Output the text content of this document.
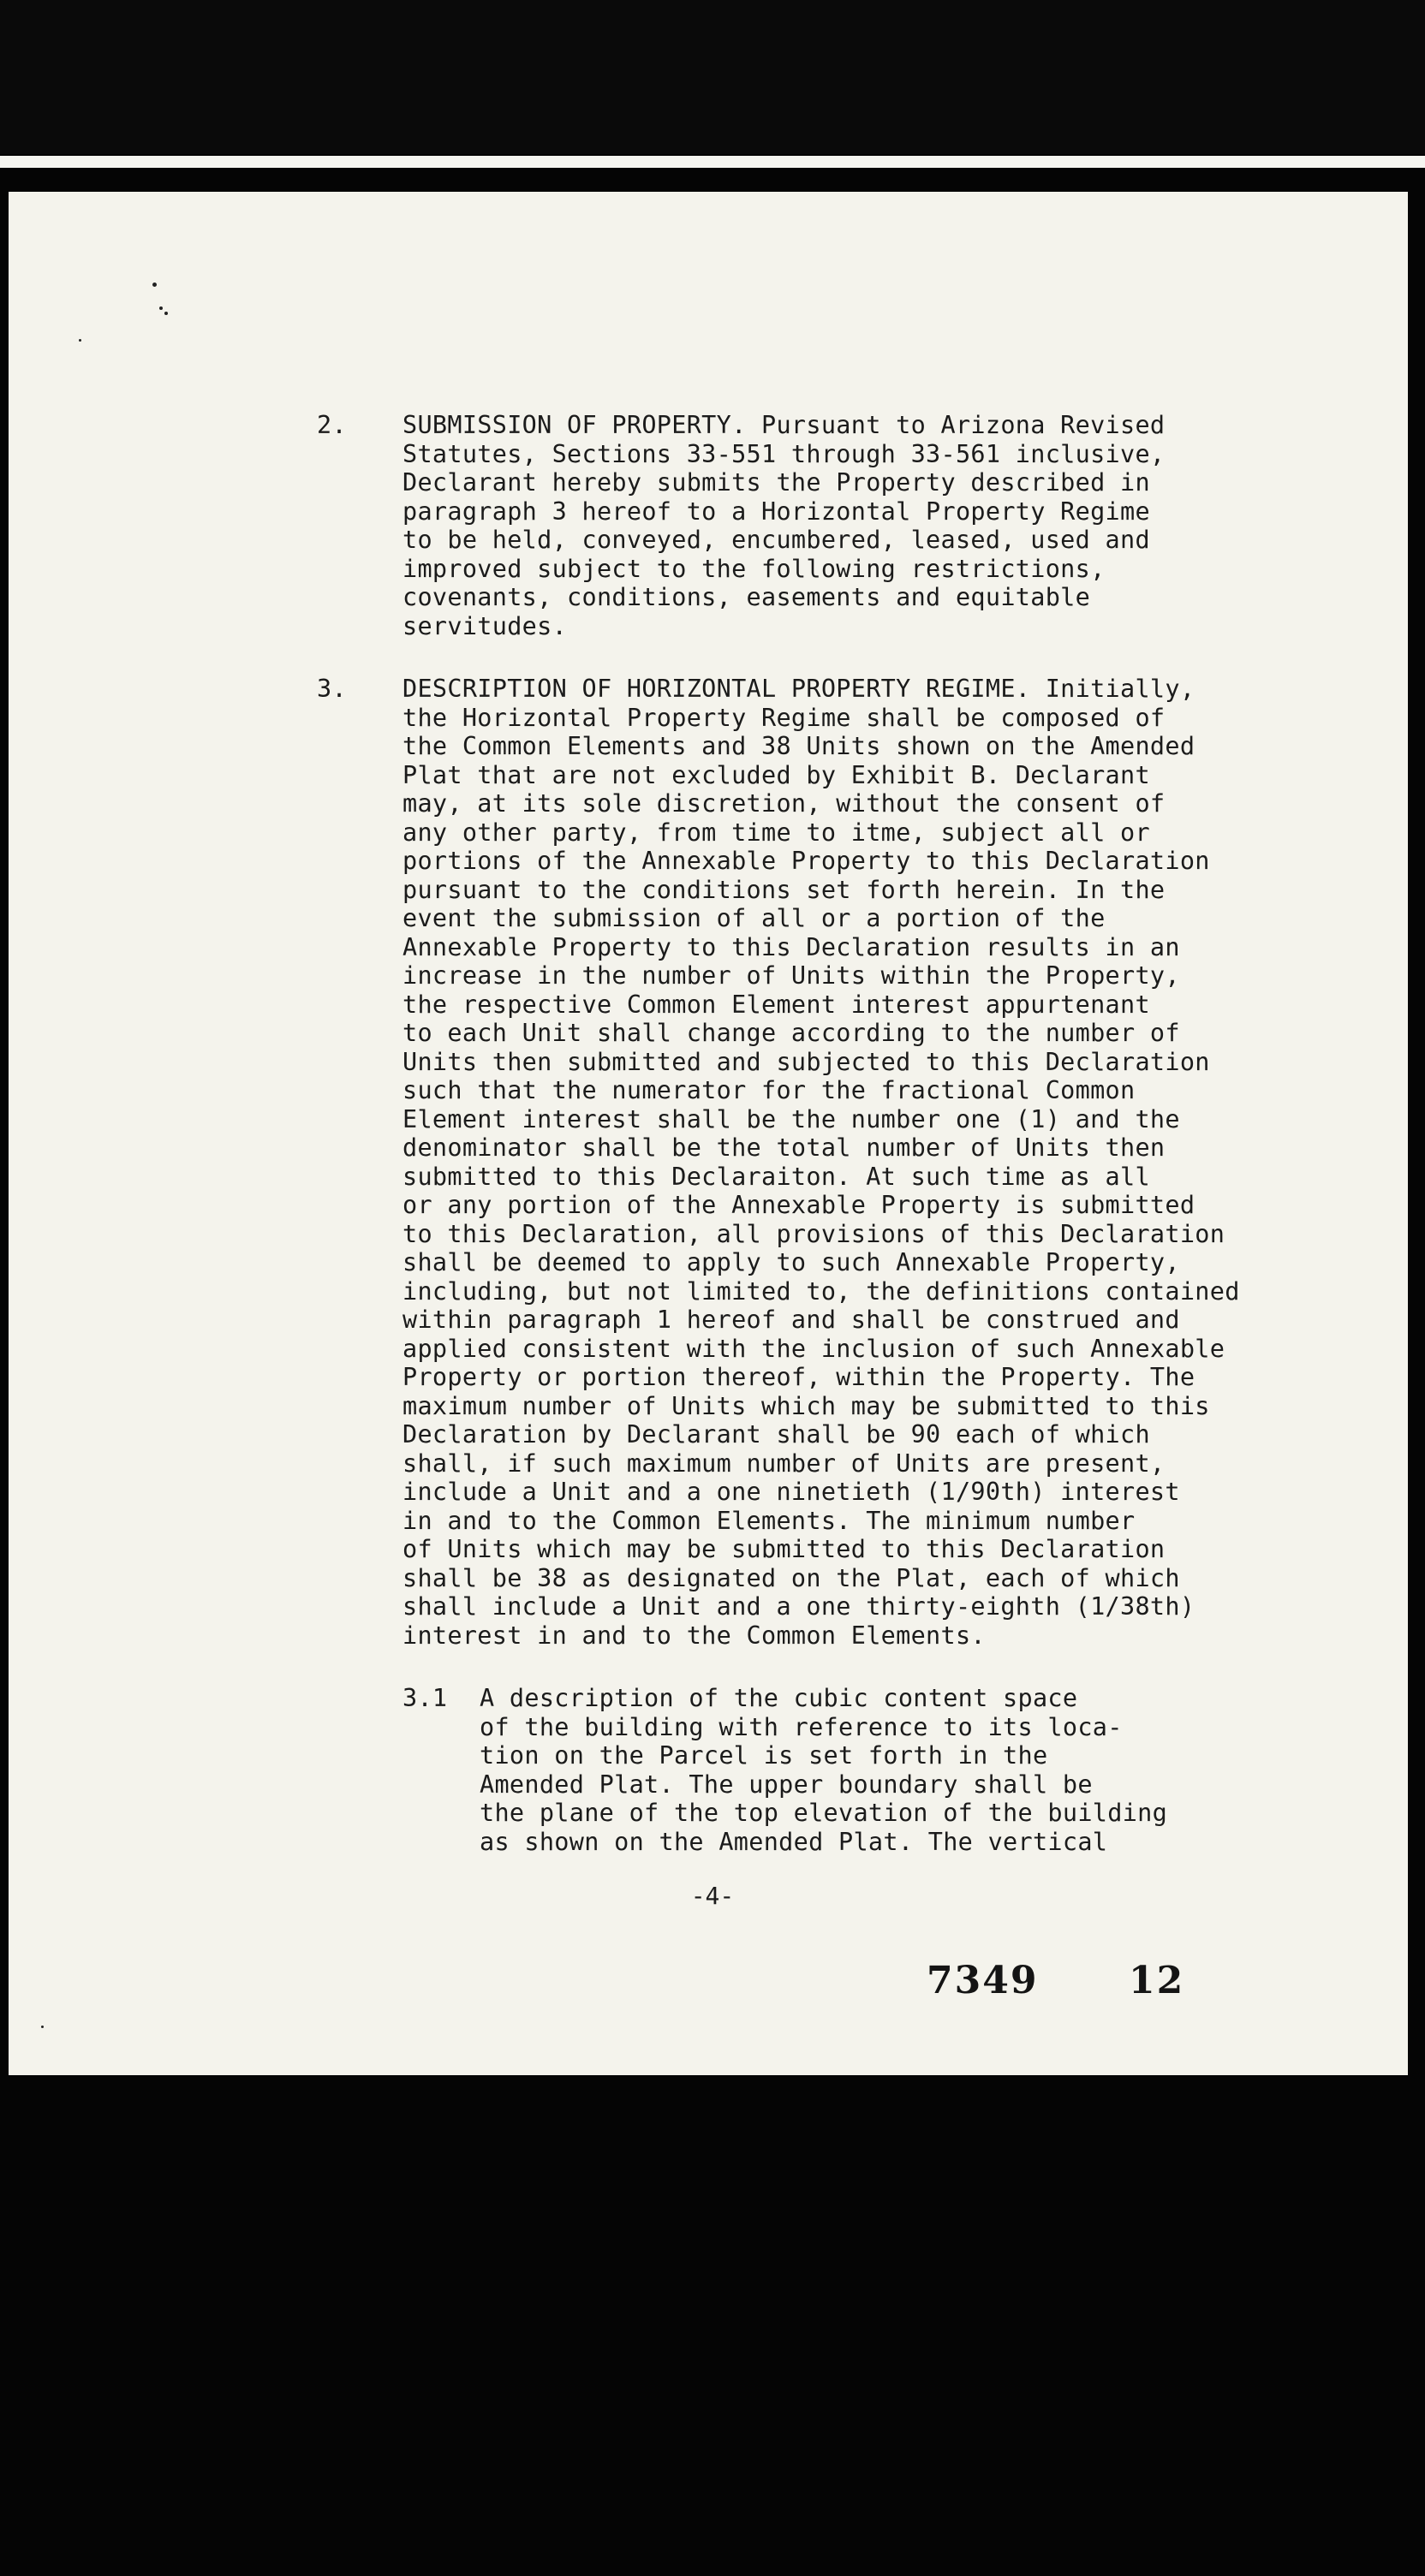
2.	SUBMISSION OF PROPERTY. Pursuant to Arizona Revised
Statutes, Sections 33-551 through 33-561 inclusive,
Declarant hereby submits the Property described in
paragraph 3 hereof to a Horizontal Property Regime
to be held, conveyed, encumbered, leased, used and
improved subject to the following restrictions,
covenants, conditions, easements and equitable
servitudes.
3.	DESCRIPTION OF HORIZONTAL PROPERTY REGIME. Initially,
the Horizontal Property Regime shall be composed of
the Common Elements and 38 Units shown on the Amended
Plat that are not excluded by Exhibit B. Declarant
may, at its sole discretion, without the consent of
any other party, from time to itme, subject all or
portions of the Annexable Property to this Declaration
pursuant to the conditions set forth herein. In the
event the submission of all or a portion of the
Annexable Property to this Declaration results in an
increase in the number of Units within the Property,
the respective Common Element interest appurtenant
to each Unit shall change according to the number of
Units then submitted and subjected to this Declaration
such that the numerator for the fractional Common
Element interest shall be the number one (1) and the
denominator shall be the total number of Units then
submitted to this Declaraiton. At such time as all
or any portion of the Annexable Property is submitted
to this Declaration, all provisions of this Declaration
shall be deemed to apply to such Annexable Property,
including, but not limited to, the definitions contained
within paragraph 1 hereof and shall be construed and
applied consistent with the inclusion of such Annexable
Property or portion thereof, within the Property. The
maximum number of Units which may be submitted to this
Declaration by Declarant shall be 90 each of which
shall, if such maximum number of Units are present,
include a Unit and a one ninetieth (1/90th) interest
in and to the Common Elements. The minimum number
of Units which may be submitted to this Declaration
shall be 38 as designated on the Plat, each of which
shall include a Unit and a one thirty-eighth (1/38th)
interest in and to the Common Elements.
3.1	A description of the cubic content space
of the building with reference to its loca-
tion on the Parcel is set forth in the
Amended Plat. The upper boundary shall be
the plane of the top elevation of the building
as shown on the Amended Plat. The vertical
-4-
7349 12
